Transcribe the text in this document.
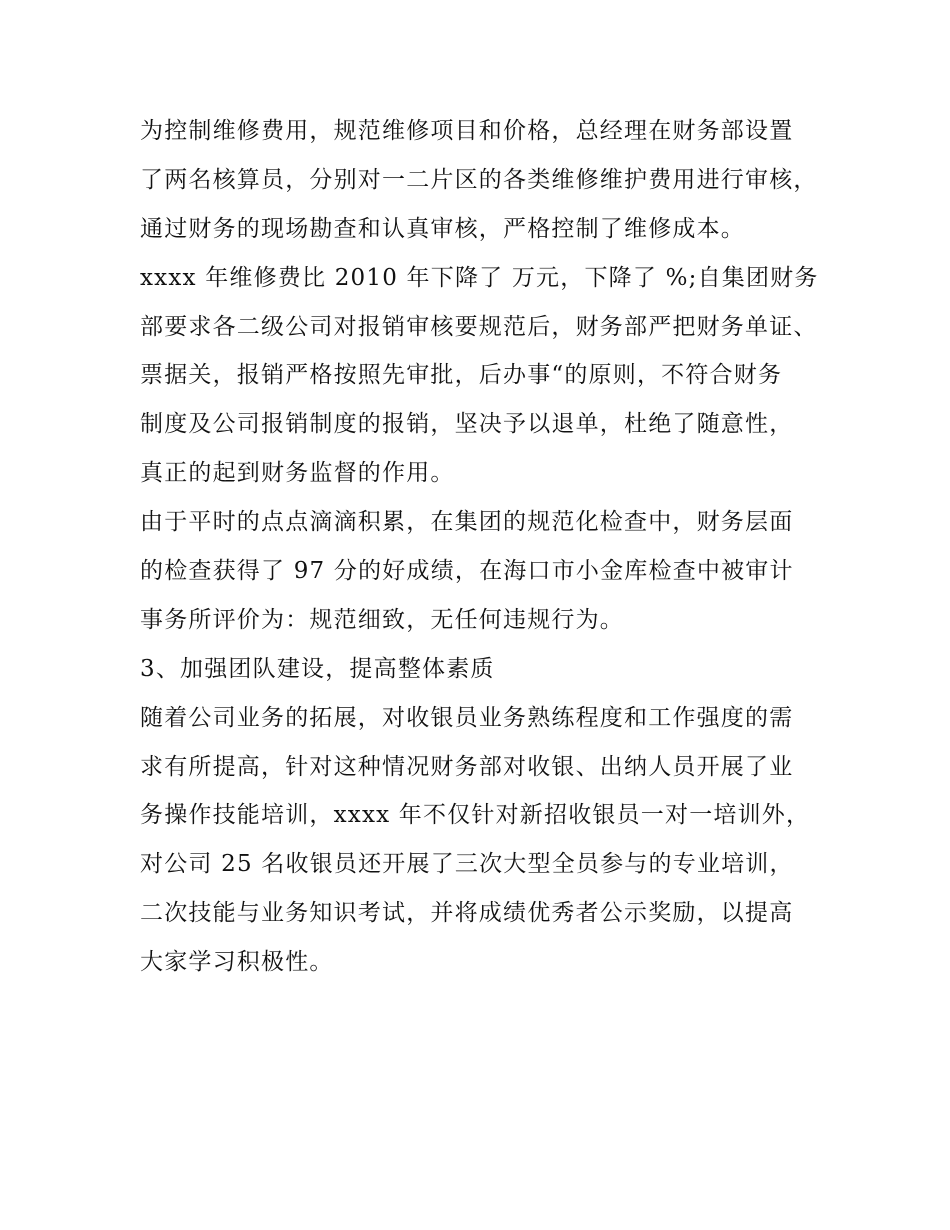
为控制维修费用，规范维修项目和价格，总经理在财务部设置
了两名核算员，分别对一二片区的各类维修维护费用进行审核，
通过财务的现场勘查和认真审核，严格控制了维修成本。
xxxx 年维修费比 2010 年下降了 万元，下降了 %;自集团财务
部要求各二级公司对报销审核要规范后，财务部严把财务单证、
票据关，报销严格按照先审批，后办事“的原则，不符合财务
制度及公司报销制度的报销，坚决予以退单，杜绝了随意性，
真正的起到财务监督的作用。
由于平时的点点滴滴积累，在集团的规范化检查中，财务层面
的检查获得了 97 分的好成绩，在海口市小金库检查中被审计
事务所评价为：规范细致，无任何违规行为。
3、加强团队建设，提高整体素质
随着公司业务的拓展，对收银员业务熟练程度和工作强度的需
求有所提高，针对这种情况财务部对收银、出纳人员开展了业
务操作技能培训，xxxx 年不仅针对新招收银员一对一培训外，
对公司 25 名收银员还开展了三次大型全员参与的专业培训，
二次技能与业务知识考试，并将成绩优秀者公示奖励，以提高
大家学习积极性。
